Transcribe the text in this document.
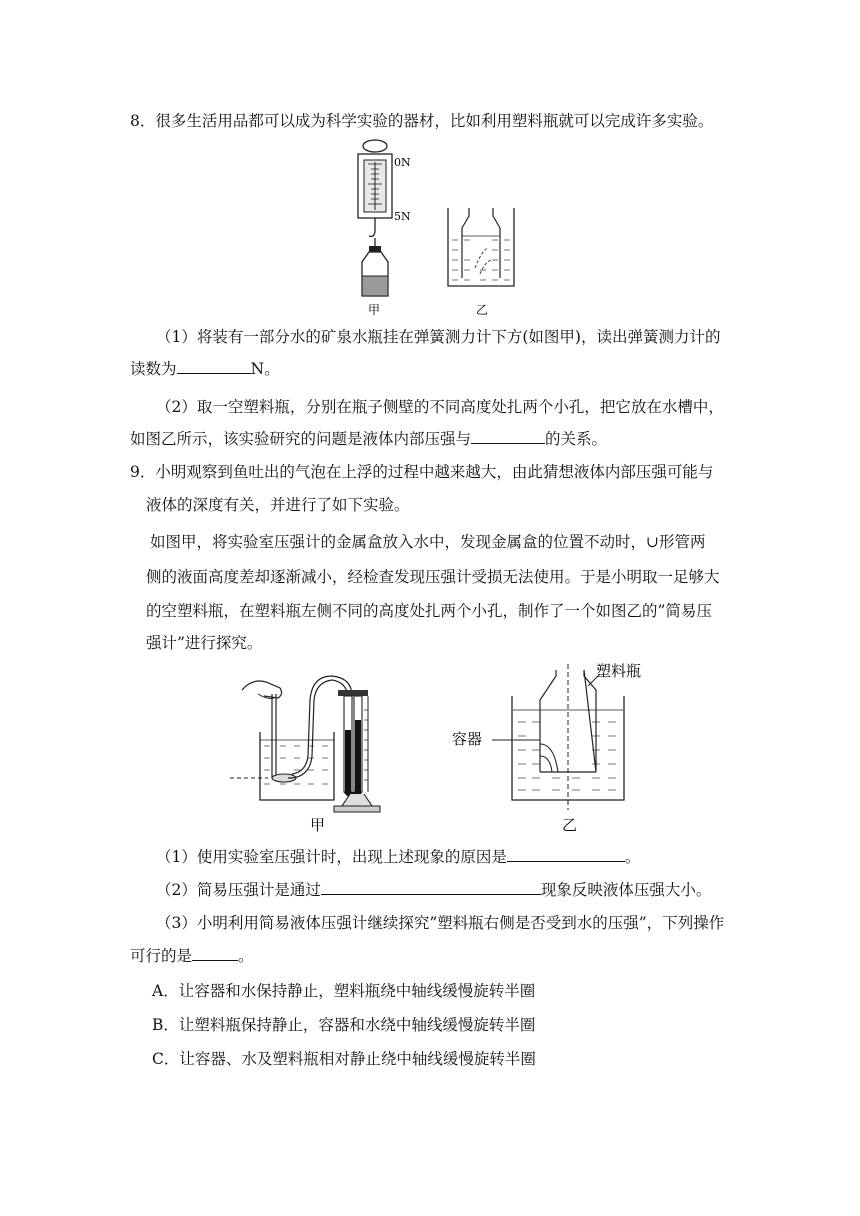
8．很多生活用品都可以成为科学实验的器材，比如利用塑料瓶就可以完成许多实验。
0N
5N
甲	乙
（1）将装有一部分水的矿泉水瓶挂在弹簧测力计下方(如图甲)，读出弹簧测力计的
读数为	N。
（2）取一空塑料瓶，分别在瓶子侧壁的不同高度处扎两个小孔，把它放在水槽中，
如图乙所示，该实验研究的问题是液体内部压强与	的关系。
9．小明观察到鱼吐出的气泡在上浮的过程中越来越大，由此猜想液体内部压强可能与
液体的深度有关，并进行了如下实验。
如图甲，将实验室压强计的金属盒放入水中，发现金属盒的位置不动时，∪形管两
侧的液面高度差却逐渐减小，经检查发现压强计受损无法使用。于是小明取一足够大
的空塑料瓶，在塑料瓶左侧不同的高度处扎两个小孔，制作了一个如图乙的”简易压
强计”进行探究。
甲
塑料瓶
容器
乙
（1）使用实验室压强计时，出现上述现象的原因是	。
（2）简易压强计是通过	现象反映液体压强大小。
（3）小明利用简易液体压强计继续探究”塑料瓶右侧是否受到水的压强”，下列操作
可行的是	。
A．让容器和水保持静止，塑料瓶绕中轴线缓慢旋转半圈
B．让塑料瓶保持静止，容器和水绕中轴线缓慢旋转半圈
C．让容器、水及塑料瓶相对静止绕中轴线缓慢旋转半圈
